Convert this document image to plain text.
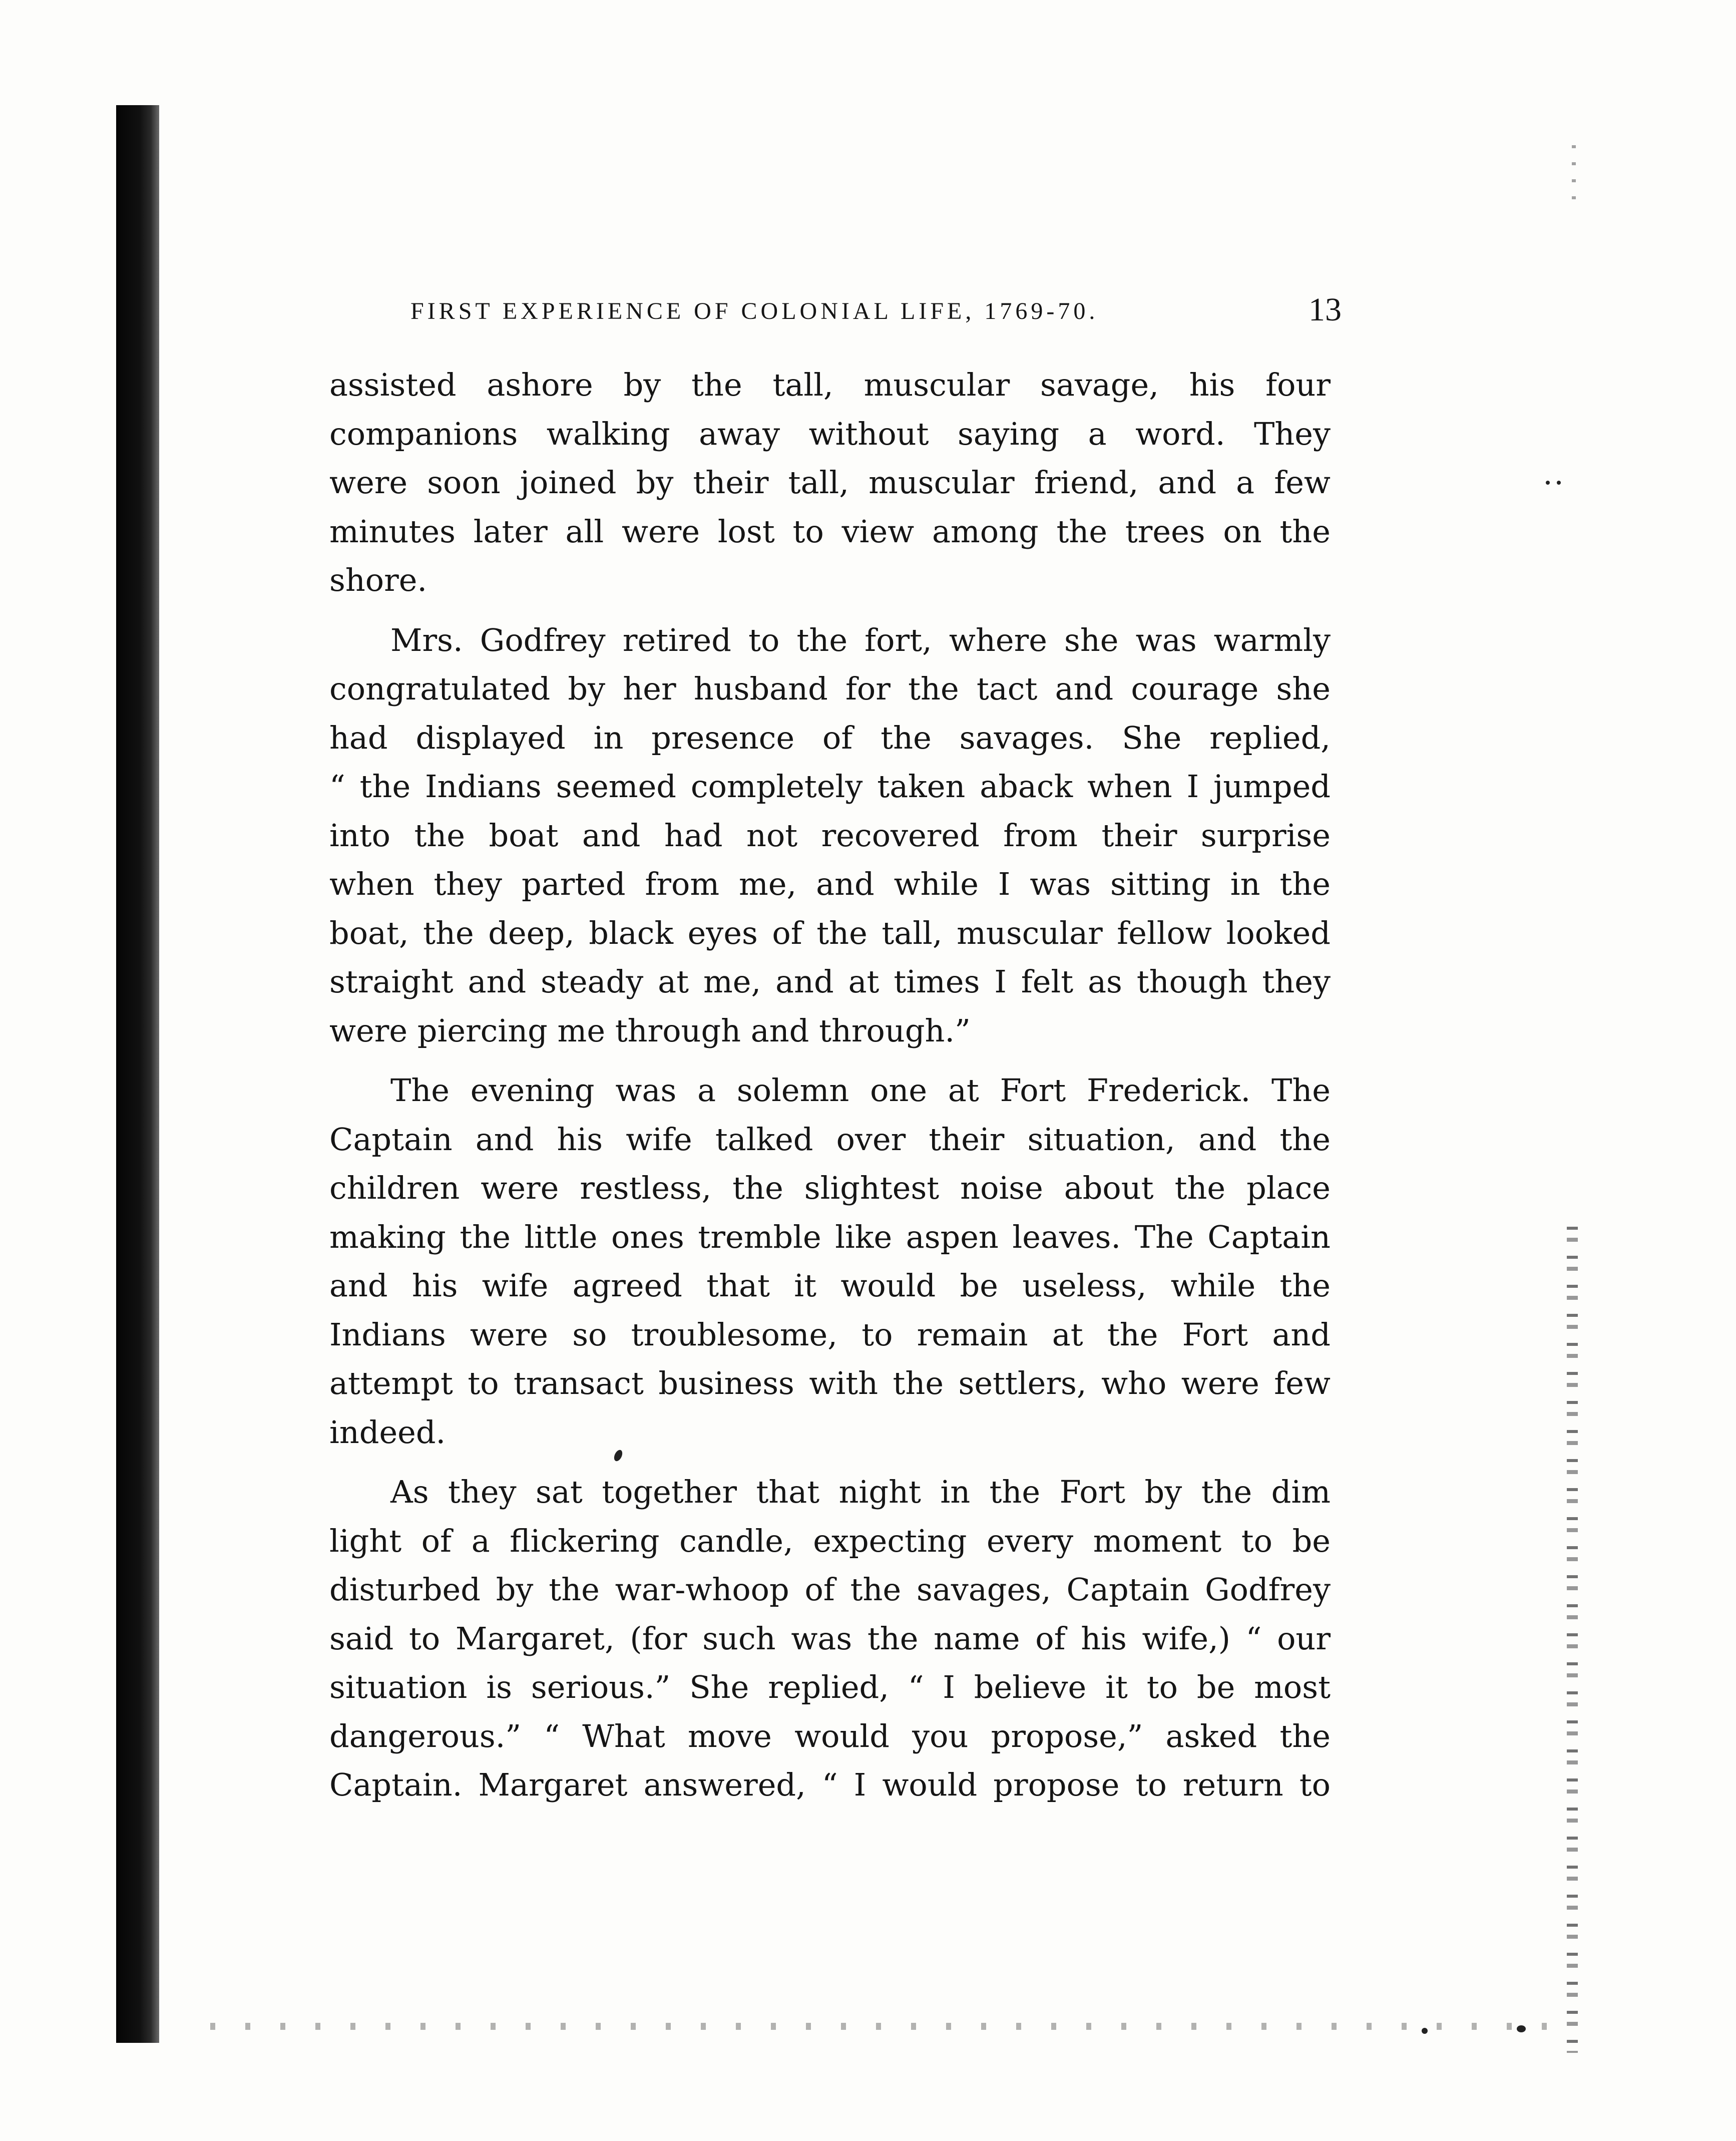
FIRST EXPERIENCE OF COLONIAL LIFE, 1769-70.	13
assisted ashore by the tall, muscular savage, his four
companions walking away without saying a word. They
were soon joined by their tall, muscular friend, and a few
minutes later all were lost to view among the trees on the
shore.
Mrs. Godfrey retired to the fort, where she was warmly
congratulated by her husband for the tact and courage she
had displayed in presence of the savages. She replied,
“ the Indians seemed completely taken aback when I jumped
into the boat and had not recovered from their surprise
when they parted from me, and while I was sitting in the
boat, the deep, black eyes of the tall, muscular fellow looked
straight and steady at me, and at times I felt as though they
were piercing me through and through.”
The evening was a solemn one at Fort Frederick. The
Captain and his wife talked over their situation, and the
children were restless, the slightest noise about the place
making the little ones tremble like aspen leaves. The Captain
and his wife agreed that it would be useless, while the
Indians were so troublesome, to remain at the Fort and
attempt to transact business with the settlers, who were few
indeed.
As they sat together that night in the Fort by the dim
light of a flickering candle, expecting every moment to be
disturbed by the war-whoop of the savages, Captain Godfrey
said to Margaret, (for such was the name of his wife,) “ our
situation is serious.” She replied, “ I believe it to be most
dangerous.” “ What move would you propose,” asked the
Captain. Margaret answered, “ I would propose to return to
